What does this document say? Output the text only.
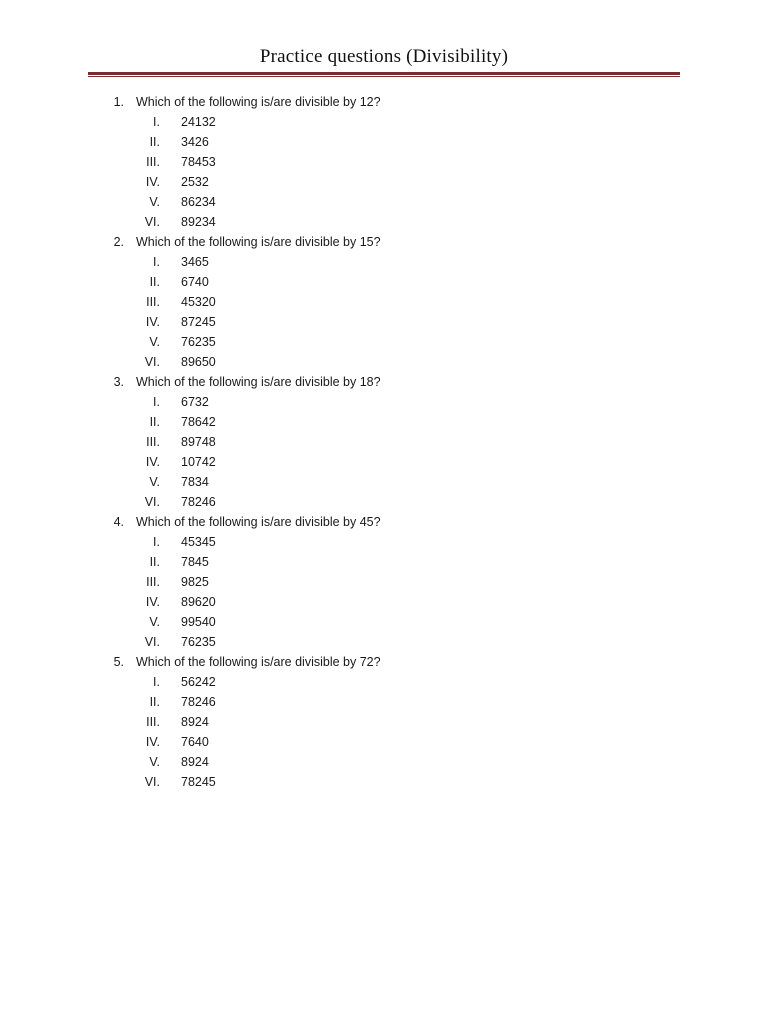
Practice questions (Divisibility)
1. Which of the following is/are divisible by 12?
I. 24132
II. 3426
III. 78453
IV. 2532
V. 86234
VI. 89234
2. Which of the following is/are divisible by 15?
I. 3465
II. 6740
III. 45320
IV. 87245
V. 76235
VI. 89650
3. Which of the following is/are divisible by 18?
I. 6732
II. 78642
III. 89748
IV. 10742
V. 7834
VI. 78246
4. Which of the following is/are divisible by 45?
I. 45345
II. 7845
III. 9825
IV. 89620
V. 99540
VI. 76235
5. Which of the following is/are divisible by 72?
I. 56242
II. 78246
III. 8924
IV. 7640
V. 8924
VI. 78245
